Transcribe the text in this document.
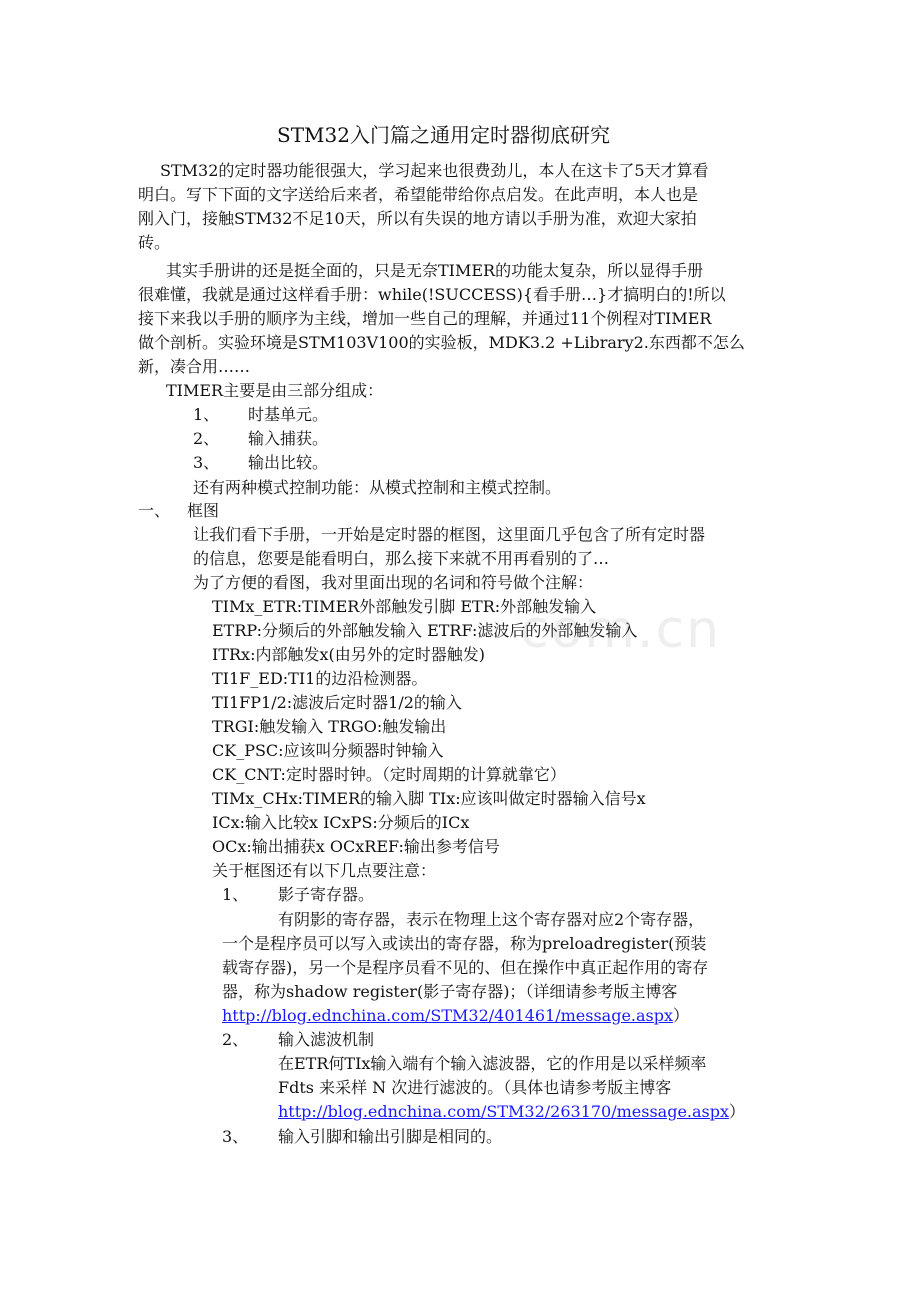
com.cn
STM32入门篇之通用定时器彻底研究
STM32的定时器功能很强大，学习起来也很费劲儿，本人在这卡了5天才算看
明白。写下下面的文字送给后来者，希望能带给你点启发。在此声明，本人也是
刚入门，接触STM32不足10天，所以有失误的地方请以手册为准，欢迎大家拍
砖。
其实手册讲的还是挺全面的，只是无奈TIMER的功能太复杂，所以显得手册
很难懂，我就是通过这样看手册：while(!SUCCESS){看手册…}才搞明白的!所以
接下来我以手册的顺序为主线，增加一些自己的理解，并通过11个例程对TIMER
做个剖析。实验环境是STM103V100的实验板，MDK3.2 +Library2.东西都不怎么
新，凑合用……
TIMER主要是由三部分组成：
1、 时基单元。
2、 输入捕获。
3、 输出比较。
还有两种模式控制功能：从模式控制和主模式控制。
一、 框图
让我们看下手册，一开始是定时器的框图，这里面几乎包含了所有定时器
的信息，您要是能看明白，那么接下来就不用再看别的了…
为了方便的看图，我对里面出现的名词和符号做个注解：
TIMx_ETR:TIMER外部触发引脚 ETR:外部触发输入
ETRP:分频后的外部触发输入 ETRF:滤波后的外部触发输入
ITRx:内部触发x(由另外的定时器触发)
TI1F_ED:TI1的边沿检测器。
TI1FP1/2:滤波后定时器1/2的输入
TRGI:触发输入 TRGO:触发输出
CK_PSC:应该叫分频器时钟输入
CK_CNT:定时器时钟。（定时周期的计算就靠它）
TIMx_CHx:TIMER的输入脚 TIx:应该叫做定时器输入信号x
ICx:输入比较x ICxPS:分频后的ICx
OCx:输出捕获x OCxREF:输出参考信号
关于框图还有以下几点要注意：
1、 影子寄存器。
有阴影的寄存器，表示在物理上这个寄存器对应2个寄存器，
一个是程序员可以写入或读出的寄存器，称为preloadregister(预装
载寄存器)，另一个是程序员看不见的、但在操作中真正起作用的寄存
器，称为shadow register(影子寄存器)；（详细请参考版主博客
http://blog.ednchina.com/STM32/401461/message.aspx）
2、 输入滤波机制
在ETR何TIx输入端有个输入滤波器，它的作用是以采样频率
Fdts 来采样 N 次进行滤波的。（具体也请参考版主博客
http://blog.ednchina.com/STM32/263170/message.aspx）
3、 输入引脚和输出引脚是相同的。
